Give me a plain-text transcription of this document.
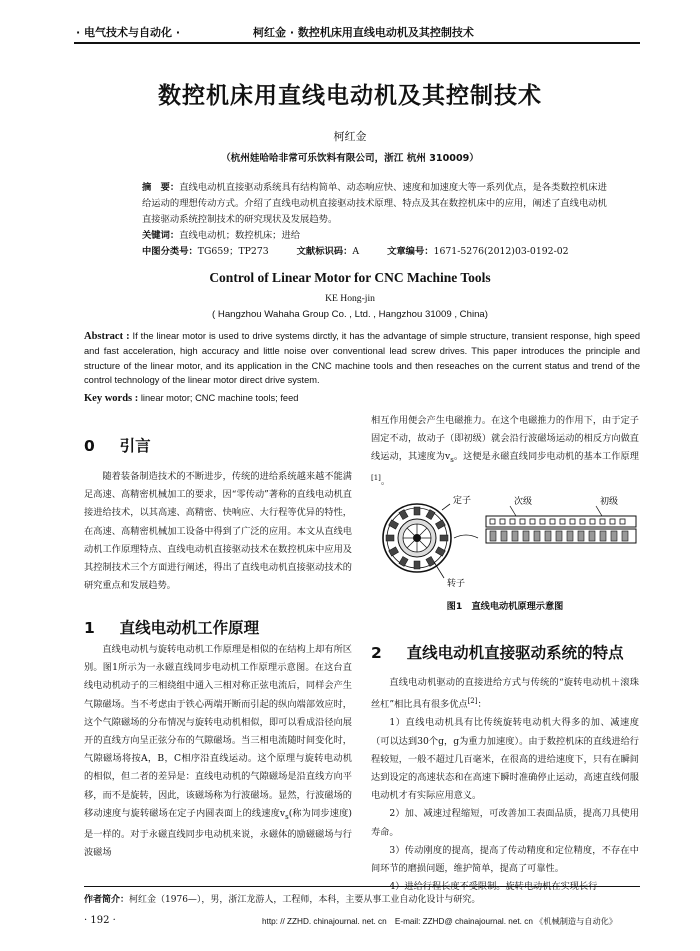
· 电气技术与自动化 ·	柯红金 · 数控机床用直线电动机及其控制技术
数控机床用直线电动机及其控制技术
柯红金
（杭州娃哈哈非常可乐饮料有限公司，浙江 杭州 310009）
摘　要：直线电动机直接驱动系统具有结构简单、动态响应快、速度和加速度大等一系列优点，是各类数控机床进给运动的理想传动方式。介绍了直线电动机直接驱动技术原理、特点及其在数控机床中的应用，阐述了直线电动机直接驱动系统控制技术的研究现状及发展趋势。
关键词：直线电动机；数控机床；进给
中图分类号：TG659；TP273	文献标识码：A	文章编号：1671-5276(2012)03-0192-02
Control of Linear Motor for CNC Machine Tools
KE Hong-jin
( Hangzhou Wahaha Group Co. , Ltd. , Hangzhou 31009 , China)
Abstract : If the linear motor is used to drive systems dirctly, it has the advantage of simple structure, transient response, high speed and fast acceleration, high accuracy and little noise over conventional lead screw drives. This paper introduces the principle and structure of the linear motor, and its application in the CNC machine tools and then reseaches on the current status and trend of the control technology of the linear motor direct drive system.
Key words : linear motor; CNC machine tools; feed
0 引言

随着装备制造技术的不断进步，传统的进给系统越来越不能满足高速、高精密机械加工的要求，因“零传动”著称的直线电动机直接进给技术，以其高速、高精密、快响应、大行程等优异的特性，在高速、高精密机械加工设备中得到了广泛的应用。本文从直线电动机工作原理特点、直线电动机直接驱动技术在数控机床中应用及其控制技术三个方面进行阐述，得出了直线电动机直接驱动技术的研究重点和发展趋势。

1 直线电动机工作原理

直线电动机与旋转电动机工作原理是相似的在结构上却有所区别。图1所示为一永磁直线同步电动机工作原理示意图。在这台直线电动机动子的三相绕组中通入三相对称正弦电流后，同样会产生气隙磁场。当不考虑由于铁心两端开断而引起的纵向端部效应时，这个气隙磁场的分布情况与旋转电动机相似，即可以看成沿径向展开的直线方向呈正弦分布的气隙磁场。当三相电流随时间变化时，气隙磁场将按A，B，C相序沿直线运动。这个原理与旋转电动机的相似，但二者的差异是：直线电动机的气隙磁场是沿直线方向平移，而不是旋转，因此，该磁场称为行波磁场。显然，行波磁场的移动速度与旋转磁场在定子内圆表面上的线速度$v_s$(称为同步速度)是一样的。对于永磁直线同步电动机来说，永磁体的励磁磁场与行波磁场

相互作用便会产生电磁推力。在这个电磁推力的作用下，由于定子固定不动，故动子（即初级）就会沿行波磁场运动的相反方向做直线运动，其速度为$v_s$。这便是永磁直线同步电动机的基本工作原理[1]。

定子
转子
次级	初级
图1　直线电动机原理示意图
2 直线电动机直接驱动系统的特点

直线电动机驱动的直接进给方式与传统的“旋转电动机＋滚珠丝杠”相比具有很多优点[2]：

1）直线电动机具有比传统旋转电动机大得多的加、减速度（可以达到30个g，g为重力加速度）。由于数控机床的直线进给行程较短，一般不超过几百毫米，在很高的进给速度下，只有在瞬间达到设定的高速状态和在高速下瞬时准确停止运动，高速直线伺服电动机才有实际应用意义。

2）加、减速过程缩短，可改善加工表面品质，提高刀具使用寿命。

3）传动刚度的提高，提高了传动精度和定位精度，不存在中间环节的磨损问题，维护简单，提高了可靠性。

作者简介：柯红金（1976—），男，浙江龙游人，工程师，本科，主要从事工业自动化设计与研究。
· 192 ·	http: // ZZHD. chinajournal. net. cn　E-mail: ZZHD@ chainajournal. net. cn 《机械制造与自动化》
